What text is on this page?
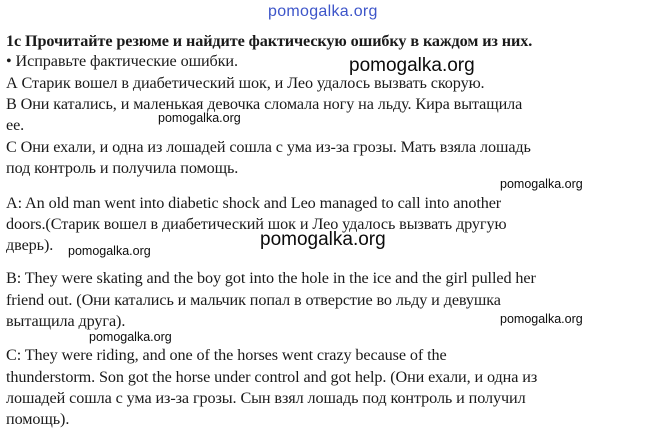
pomogalka.org
1c Прочитайте резюме и найдите фактическую ошибку в каждом из них.
• Исправьте фактические ошибки.	pomogalka.org
А Старик вошел в диабетический шок, и Лео удалось вызвать скорую.
В Они катались, и маленькая девочка сломала ногу на льду. Кира вытащила
ее.	pomogalka.org
С Они ехали, и одна из лошадей сошла с ума из-за грозы. Мать взяла лошадь
под контроль и получила помощь.
pomogalka.org
A: An old man went into diabetic shock and Leo managed to call into another
doors.(Старик вошел в диабетический шок и Лео удалось вызвать другую
дверь).	pomogalka.org
pomogalka.org
B: They were skating and the boy got into the hole in the ice and the girl pulled her
friend out. (Они катались и мальчик попал в отверстие во льду и девушка
вытащила друга).	pomogalka.org
pomogalka.org
C: They were riding, and one of the horses went crazy because of the
thunderstorm. Son got the horse under control and got help. (Они ехали, и одна из
лошадей сошла с ума из-за грозы. Сын взял лошадь под контроль и получил
помощь).
